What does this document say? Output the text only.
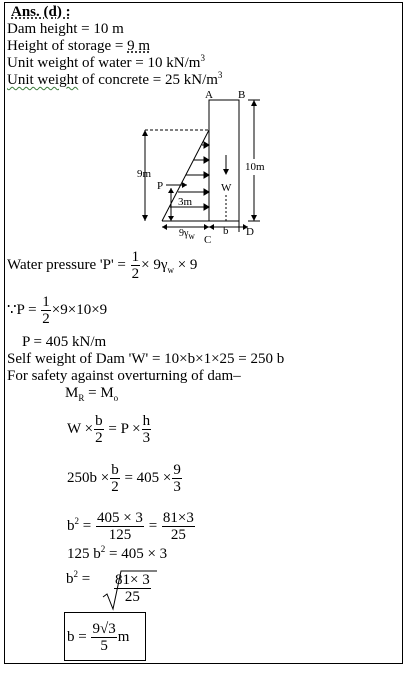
Ans. (d) :
Dam height = 10 m
Height of storage = 9 m
Unit weight of water = 10 $kN/m^3$
Unit weight of concrete = 25 $kN/m^3$
A B
9m
10m
P	W
3m
$9\gamma_w$ C
b D
Water pressure '$P' = \frac{1}{2} \times 9\gamma_w \times 9$
∵P = $\frac{1}{2} \times 9\times 10\times 9$
P = 405 kN/m
Self weight of Dam 'W' = 10×b×1×25 = 250 b
For safety against overturning of dam–
$M_R = M_o$
$W \times \frac{b}{2} = P \times \frac{h}{3}$
$250b \times \frac{b}{2} = 405 \times \frac{9}{3}$
$b^2 = \frac{405 \times 3}{125} = \frac{81\times 3}{25}$
125 $b^2 = 405 \times 3$
$b^2 = \frac{81\times 3}{25}$
$b = \frac{9√3}{5}$ m
